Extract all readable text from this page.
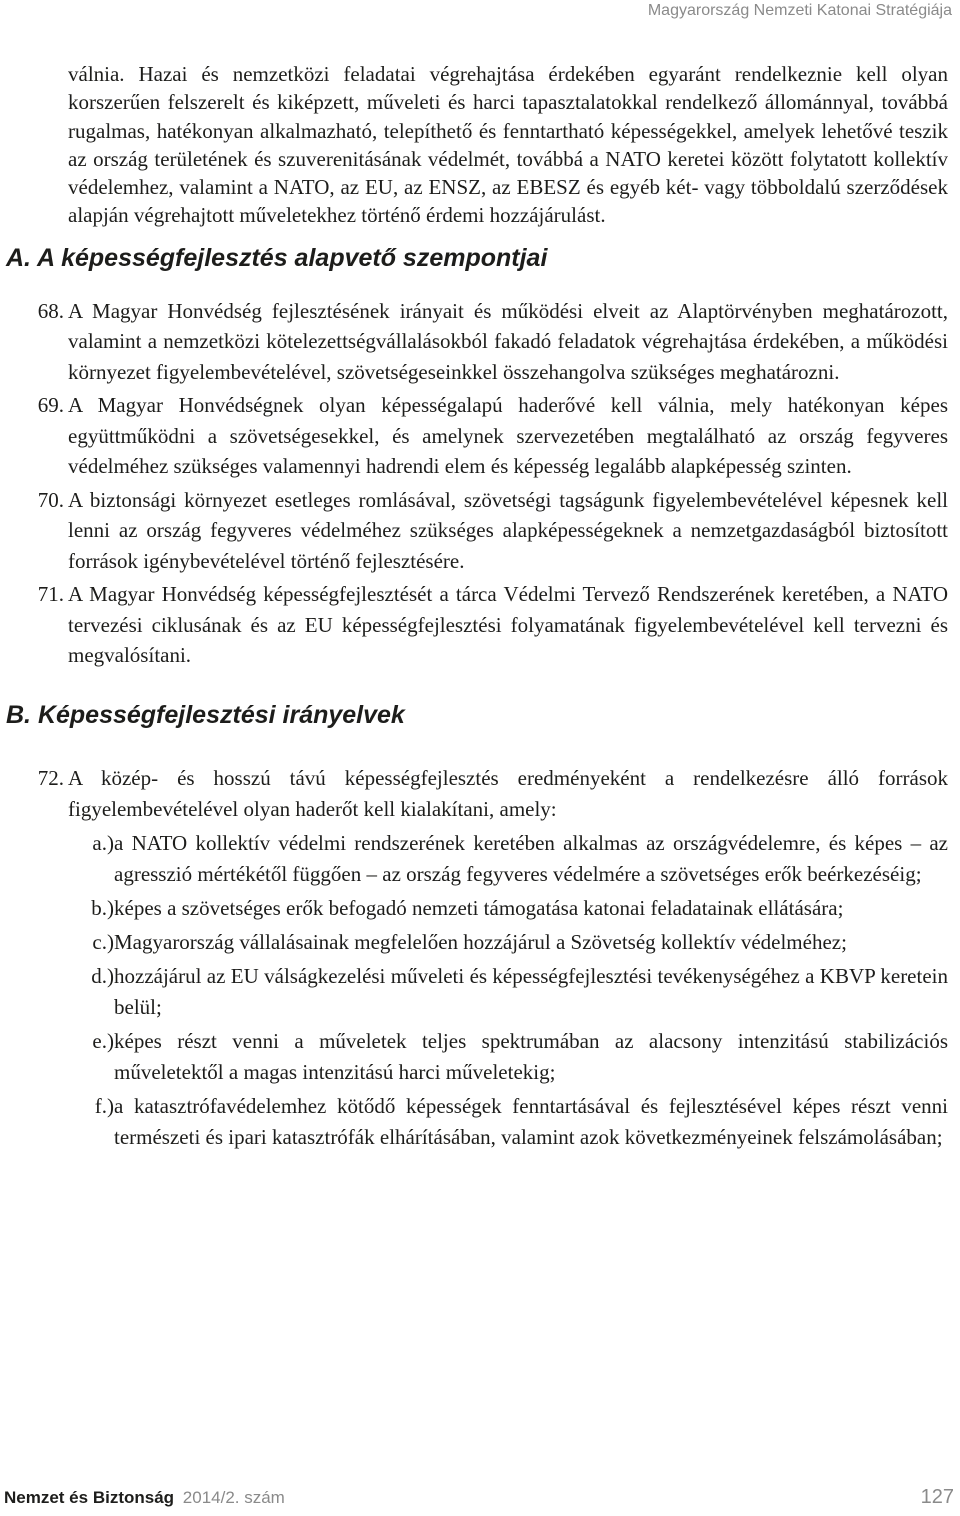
Magyarország Nemzeti Katonai Stratégiája

válnia. Hazai és nemzetközi feladatai végrehajtása érdekében egyaránt rendelkeznie kell olyan korszerűen felszerelt és kiképzett, műveleti és harci tapasztalatokkal rendelkező állománnyal, továbbá rugalmas, hatékonyan alkalmazható, telepíthető és fenntartható képességekkel, amelyek lehetővé teszik az ország területének és szuverenitásának védelmét, továbbá a NATO keretei között folytatott kollektív védelemhez, valamint a NATO, az EU, az ENSZ, az EBESZ és egyéb két- vagy többoldalú szerződések alapján végrehajtott műveletekhez történő érdemi hozzájárulást.

A. A képességfejlesztés alapvető szempontjai
68. A Magyar Honvédség fejlesztésének irányait és működési elveit az Alaptörvényben meghatározott, valamint a nemzetközi kötelezettségvállalásokból fakadó feladatok végrehajtása érdekében, a működési környezet figyelembevételével, szövetségeseinkkel összehangolva szükséges meghatározni.
69. A Magyar Honvédségnek olyan képességalapú haderővé kell válnia, mely hatékonyan képes együttműködni a szövetségesekkel, és amelynek szervezetében megtalálható az ország fegyveres védelméhez szükséges valamennyi hadrendi elem és képesség legalább alapképesség szinten.
70. A biztonsági környezet esetleges romlásával, szövetségi tagságunk figyelembevételével képesnek kell lenni az ország fegyveres védelméhez szükséges alapképességeknek a nemzetgazdaságból biztosított források igénybevételével történő fejlesztésére.
71. A Magyar Honvédség képességfejlesztését a tárca Védelmi Tervező Rendszerének keretében, a NATO tervezési ciklusának és az EU képességfejlesztési folyamatának figyelembevételével kell tervezni és megvalósítani.
B. Képességfejlesztési irányelvek
72. A közép- és hosszú távú képességfejlesztés eredményeként a rendelkezésre álló források figyelembevételével olyan haderőt kell kialakítani, amely:
a.) a NATO kollektív védelmi rendszerének keretében alkalmas az országvédelemre, és képes – az agresszió mértékétől függően – az ország fegyveres védelmére a szövetséges erők beérkezéséig;
b.) képes a szövetséges erők befogadó nemzeti támogatása katonai feladatainak ellátására;
c.) Magyarország vállalásainak megfelelően hozzájárul a Szövetség kollektív védelméhez;
d.) hozzájárul az EU válságkezelési műveleti és képességfejlesztési tevékenységéhez a KBVP keretein belül;
e.) képes részt venni a műveletek teljes spektrumában az alacsony intenzitású stabilizációs műveletektől a magas intenzitású harci műveletekig;
f.) a katasztrófavédelemhez kötődő képességek fenntartásával és fejlesztésével képes részt venni természeti és ipari katasztrófák elhárításában, valamint azok következményeinek felszámolásában;
Nemzet és Biztonság 2014/2. szám	127
